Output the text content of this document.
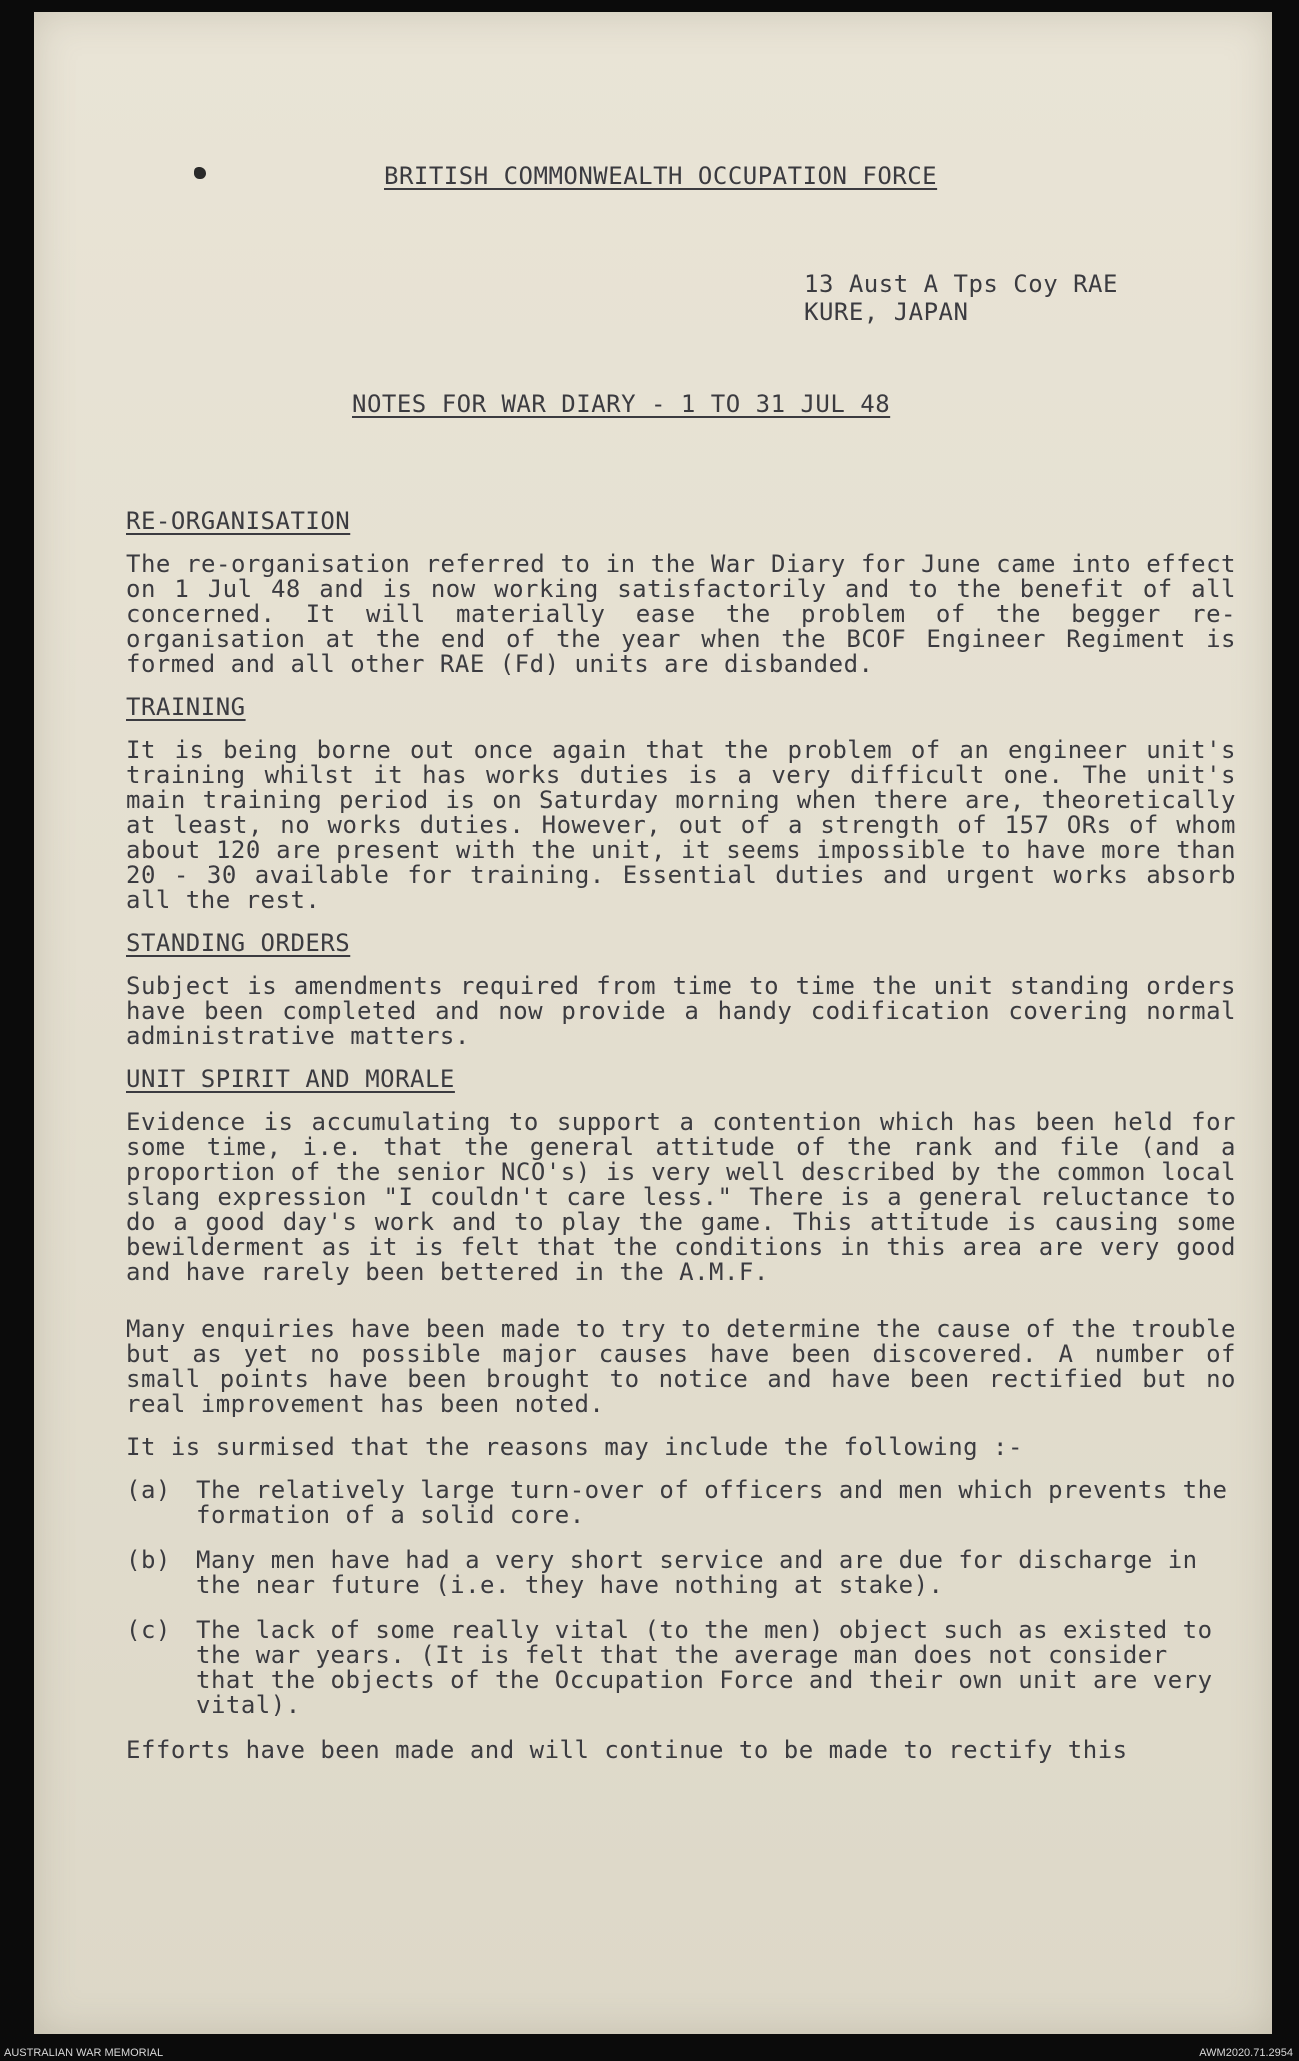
BRITISH COMMONWEALTH OCCUPATION FORCE
13 Aust A Tps Coy RAE
KURE, JAPAN
NOTES FOR WAR DIARY - 1 TO 31 JUL 48
RE-ORGANISATION

The re-organisation referred to in the War Diary for June came into effect on 1 Jul 48 and is now working satisfactorily and to the benefit of all concerned. It will materially ease the problem of the begger re-organisation at the end of the year when the BCOF Engineer Regiment is formed and all other RAE (Fd) units are disbanded.

TRAINING

It is being borne out once again that the problem of an engineer unit's training whilst it has works duties is a very difficult one. The unit's main training period is on Saturday morning when there are, theoretically at least, no works duties. However, out of a strength of 157 ORs of whom about 120 are present with the unit, it seems impossible to have more than 20 - 30 available for training. Essential duties and urgent works absorb all the rest.

STANDING ORDERS

Subject is amendments required from time to time the unit standing orders have been completed and now provide a handy codification covering normal administrative matters.

UNIT SPIRIT AND MORALE

Evidence is accumulating to support a contention which has been held for some time, i.e. that the general attitude of the rank and file (and a proportion of the senior NCO's) is very well described by the common local slang expression "I couldn't care less." There is a general reluctance to do a good day's work and to play the game. This attitude is causing some bewilderment as it is felt that the conditions in this area are very good and have rarely been bettered in the A.M.F.

Many enquiries have been made to try to determine the cause of the trouble but as yet no possible major causes have been discovered. A number of small points have been brought to notice and have been rectified but no real improvement has been noted.

It is surmised that the reasons may include the following :-

(a)	The relatively large turn-over of officers and men which prevents the formation of a solid core.
(b)	Many men have had a very short service and are due for discharge in the near future (i.e. they have nothing at stake).
(c)	The lack of some really vital (to the men) object such as existed to the war years. (It is felt that the average man does not consider that the objects of the Occupation Force and their own unit are very vital).

Efforts have been made and will continue to be made to rectify this

AUSTRALIAN WAR MEMORIAL	AWM2020.71.2954
